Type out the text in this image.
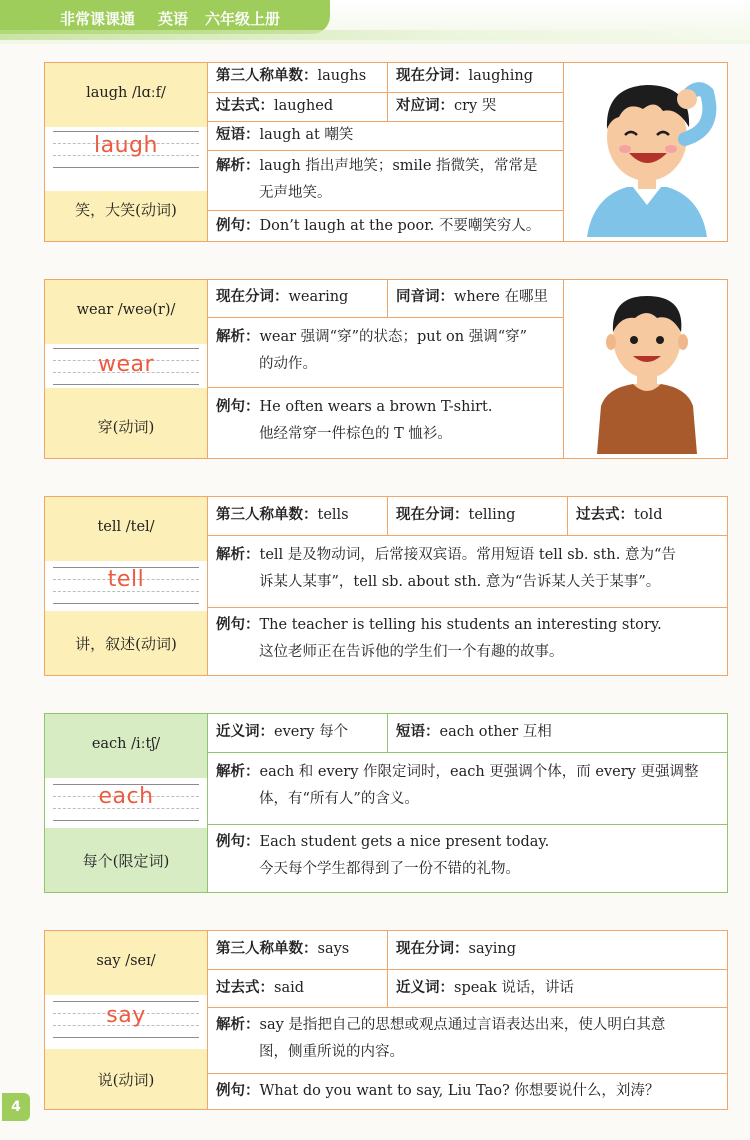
非常课课通 英语 六年级上册
laugh /lɑːf/
laugh
笑，大笑(动词)
第三人称单数：laughs	现在分词：laughing
过去式：laughed	对应词：cry 哭
短语：laugh at 嘲笑
解析：laugh 指出声地笑；smile 指微笑，常常是
无声地笑。
例句：Don’t laugh at the poor. 不要嘲笑穷人。
wear /weə(r)/
wear
穿(动词)
现在分词：wearing	同音词：where 在哪里
解析：wear 强调“穿”的状态；put on 强调“穿”
的动作。
例句：He often wears a brown T-shirt.
他经常穿一件棕色的 T 恤衫。
tell /tel/
tell
讲，叙述(动词)
第三人称单数：tells	现在分词：telling	过去式：told
解析：tell 是及物动词，后常接双宾语。常用短语 tell sb. sth. 意为“告
诉某人某事”，tell sb. about sth. 意为“告诉某人关于某事”。
例句：The teacher is telling his students an interesting story.
这位老师正在告诉他的学生们一个有趣的故事。
each /iːtʃ/
each
每个(限定词)
近义词：every 每个	短语：each other 互相
解析：each 和 every 作限定词时，each 更强调个体，而 every 更强调整
体，有“所有人”的含义。
例句：Each student gets a nice present today.
今天每个学生都得到了一份不错的礼物。
say /seɪ/
say
说(动词)
第三人称单数：says	现在分词：saying
过去式：said	近义词：speak 说话，讲话
解析：say 是指把自己的思想或观点通过言语表达出来，使人明白其意
图，侧重所说的内容。
例句：What do you want to say, Liu Tao? 你想要说什么，刘涛？
4
